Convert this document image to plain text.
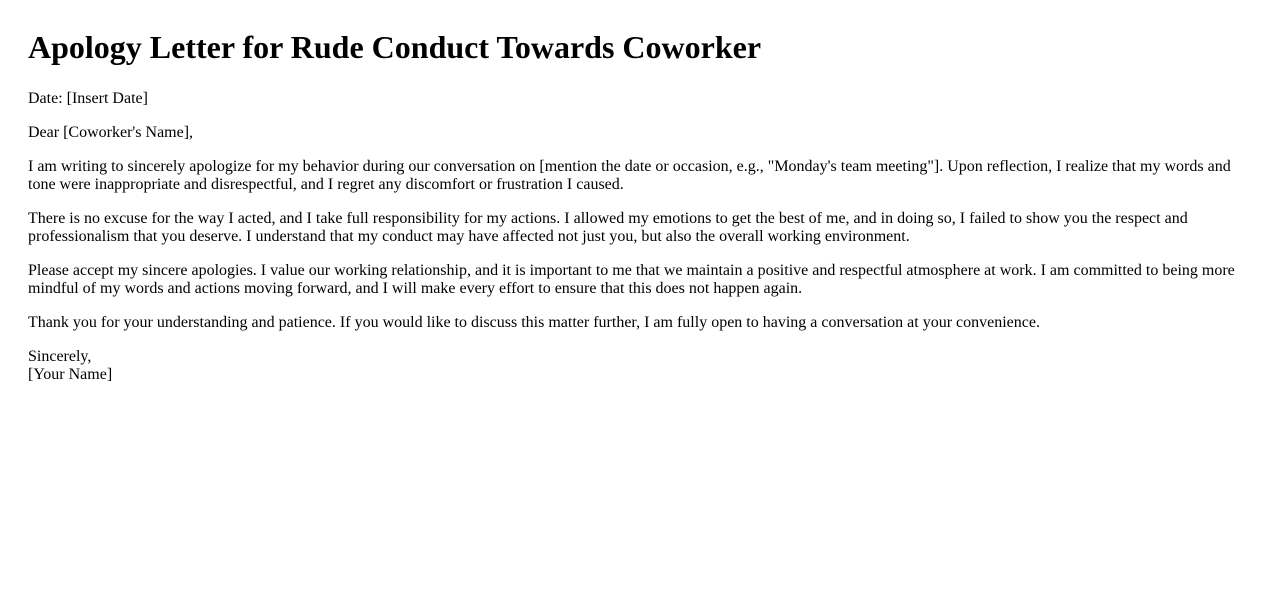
Apology Letter for Rude Conduct Towards Coworker

Date: [Insert Date]

Dear [Coworker's Name],

I am writing to sincerely apologize for my behavior during our conversation on [mention the date or occasion, e.g., "Monday's team meeting"]. Upon reflection, I realize that my words and tone were inappropriate and disrespectful, and I regret any discomfort or frustration I caused.

There is no excuse for the way I acted, and I take full responsibility for my actions. I allowed my emotions to get the best of me, and in doing so, I failed to show you the respect and professionalism that you deserve. I understand that my conduct may have affected not just you, but also the overall working environment.

Please accept my sincere apologies. I value our working relationship, and it is important to me that we maintain a positive and respectful atmosphere at work. I am committed to being more mindful of my words and actions moving forward, and I will make every effort to ensure that this does not happen again.

Thank you for your understanding and patience. If you would like to discuss this matter further, I am fully open to having a conversation at your convenience.

Sincerely,
[Your Name]
